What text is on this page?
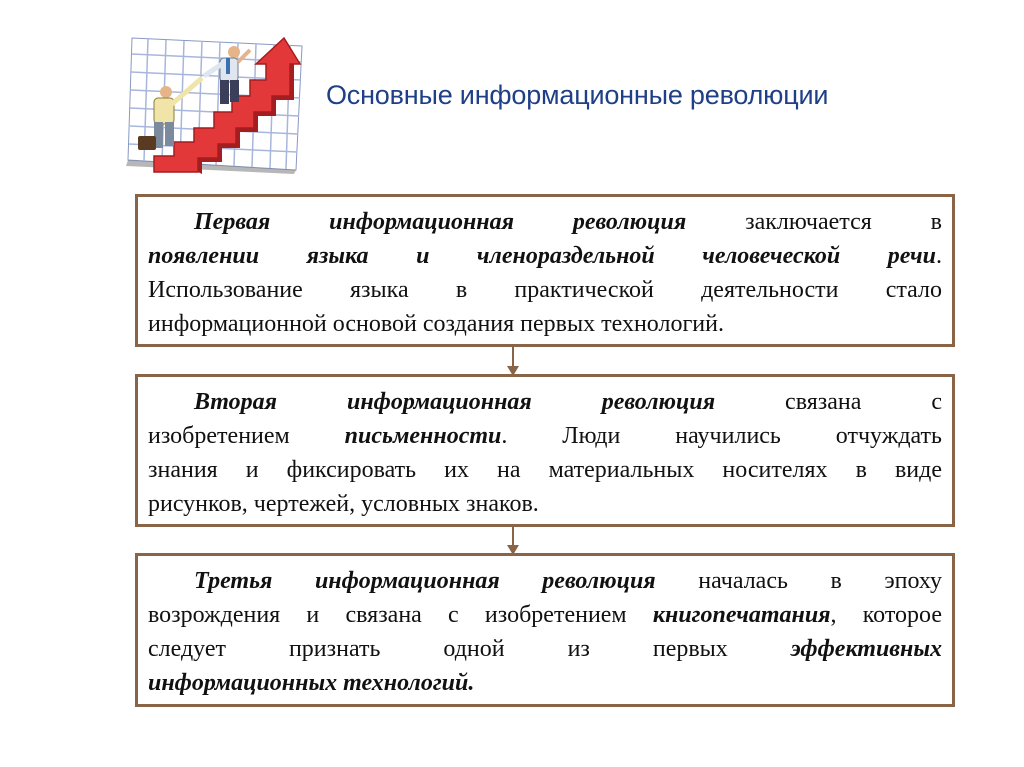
Основные информационные революции
Первая информационная революция заключается в
появлении языка и членораздельной человеческой речи.
Использование языка в практической деятельности стало
информационной основой создания первых технологий.
Вторая информационная революция связана с
изобретением письменности. Люди научились отчуждать
знания и фиксировать их на материальных носителях в виде
рисунков, чертежей, условных знаков.
Третья информационная революция началась в эпоху
возрождения и связана с изобретением книгопечатания, которое
следует признать одной из первых эффективных
информационных технологий.
